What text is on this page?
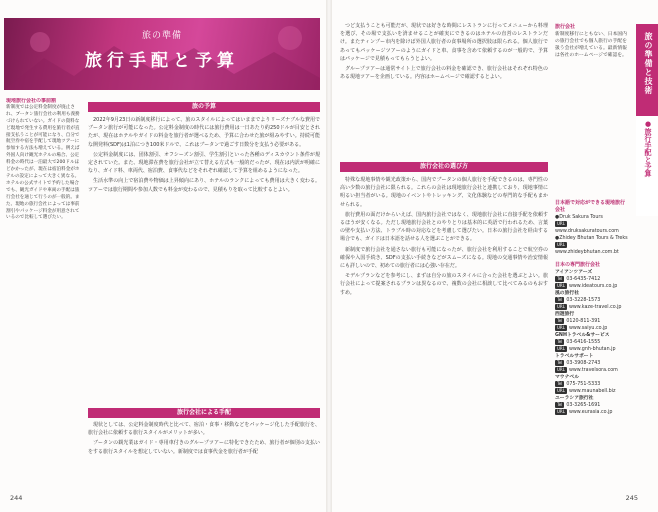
旅の準備
旅行手配と予算
現地旅行会社の事前割
新制度では公定料金制度が廃止され、ブータン旅行会社の利用も義務づけられていない。ガイドの資料など現地で発生する費用を旅行者が直接支払うことが可能になり、自分で航空券や宿を手配して現地ツアーに参加する方法も増えている。例えば外国人向け観光ホテルの場合、公定料金の時代は一泊最大で200ドルほどかかったが、現在は宿泊料金がホテルの設定によって大きく異なる。ホテルの公式サイトで予約した場合でも、観光ガイドや車両の手配は旅行会社を通じて行うのが一般的。また、現地の旅行会社によっては事前割引やパッケージ料金が用意されているので比較して選びたい。
旅の予算

2022年9月23日の新制度移行によって、旅のスタイルによってはいままでよりリーズナブルな費用でブータン旅行が可能になった。公定料金制度の時代には旅行費用は一日あたり約250ドルが目安とされたが、現在はホテルやガイドの料金を旅行者が選べるため、予算に合わせた旅が組みやすい。持続可能な開発料(SDF)は1泊につき100米ドルで、これはブータンで過ごす日数分を支払う必要がある。

公定料金制度には、団体割引、オフシーズン割引、学生割引といった各種のディスカウント条件が規定されていた。また、現地滞在費を旅行会社が立て替える方式も一般的だったが、現在は内訳が明確になり、ガイド料、車両代、宿泊費、食事代などをそれぞれ確認して予算を組めるようになった。

生活水準の向上で宿泊費や物価は上昇傾向にあり、ホテルのランクによっても費用は大きく変わる。ツアーでは旅行期間や参加人数でも料金が変わるので、見積もりを取って比較するとよい。

旅行会社による手配

現状としては、公定料金制度時代と比べて、宿泊・食事・移動などをパッケージ化した手配旅行を、旅行会社に依頼する旅行スタイルがメリットが多い。

ブータンの観光業はガイド・専用車付きのグループツアーに特化できたため、旅行者が個別の支払いをする旅行スタイルを想定していない。新制度では食事代金を旅行者が手配

244

つど支払うことも可能だが、現状では好きな時間にレストランに行ってメニューから料理を選び、その場で支払いを済ませることが確実にできるのはホテルの直営のレストランだけ。またティンプー市内を除けば外国人旅行者の食事場所の選択肢は限られる。個人旅行であってもパッケージツアーのようにガイドと車、食事を含めて依頼するのが一般的で、予算はパッケージで見積もってもらうとよい。

グループツアーは通常サイト上で旅行会社の料金を確認でき、旅行会社はそれぞれ特色のある現地ツアーを企画している。内容はホームページで確認するとよい。

旅行会社の選び方

特殊な現地事情や観光政策から、国内でブータンの個人旅行を手配できるのは、専門性の高い少数の旅行会社に限られる。これらの会社は現地旅行会社と連携しており、現地事情に明るい担当者がいる。現地のイベントやトレッキング、文化体験などの専門的な手配もまかせられる。

旅行費用の面だけからいえば、国内旅行会社ではなく、現地旅行会社に直接手配を依頼するほうが安くなる。ただし現地旅行会社とのやりとりは基本的に英語で行われるため、言葉の壁や支払い方法、トラブル時の対応などを考慮して選びたい。日本の旅行会社を経由する場合でも、ガイドは日本語を話せる人を選ぶことができる。

新制度で旅行会社を通さない旅行も可能になったが、旅行会社を利用することで航空券の確保や入国手続き、SDFの支払い手続きなどがスムーズになる。現地の交通事情や治安情報にも詳しいので、初めての旅行者には心強い存在だ。

モデルプランなどを参考にし、まずは自分の旅のスタイルに合った会社を選ぶとよい。旅行会社によって提案されるプランは異なるので、複数の会社に相談して比べてみるのもおすすめ。

旅行会社
新制度移行にともない、日本国内の旅行会社でも個人旅行の手配を扱う会社が増えている。最新情報は各社のホームページで確認を。
日本語で対応ができる現地旅行会社
●Druk Sakura Tours
URLwww.druksakuratours.com
●Zhidey Bhutan Tours & Treks
URLwww.zhideybhutan.com.bt
日本の専門旅行会社
アイアンツアーズ
Tel 03-6435-7412
URL www.ideatours.co.jp
風の旅行社
Tel 03-3228-1573
URL www.kaze-travel.co.jp
西遊旅行
Tel 0120-811-391
URL www.saiyu.co.jp
GNHトラベル&サービス
Tel 03-6416-1555
URL www.gnh-bhutan.jp
トラベルサポート
Tel 03-3908-2743
URL www.travelsora.com
マウナベル
Tel 075-751-5333
URL www.maunabell.biz
ユーラシア旅行社
Tel 03-3265-1691
URL www.eurasia.co.jp
245
旅の準備と技術
●旅行手配と予算
